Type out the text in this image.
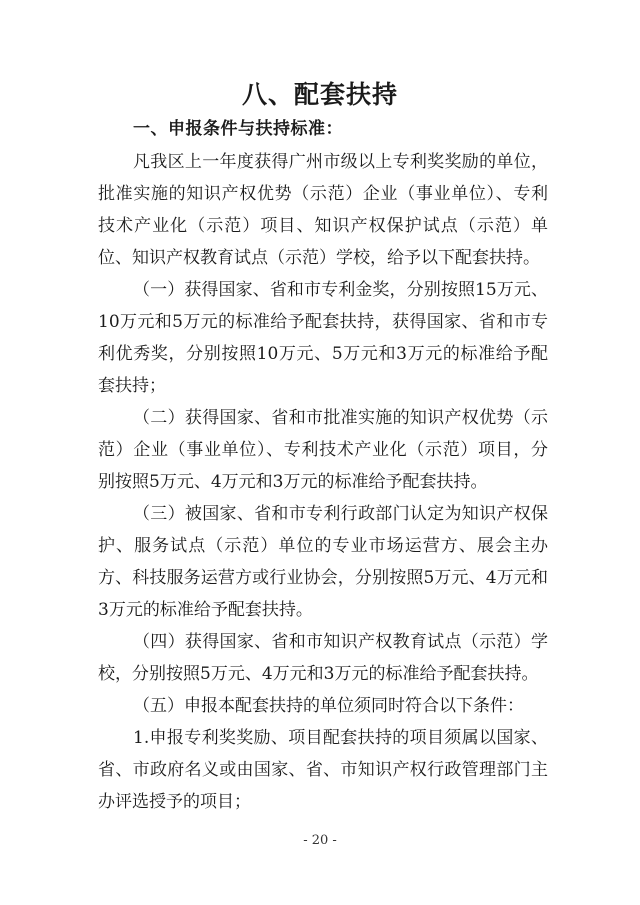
八、配套扶持
一、申报条件与扶持标准：

凡我区上一年度获得广州市级以上专利奖奖励的单位，批准实施的知识产权优势（示范）企业（事业单位）、专利技术产业化（示范）项目、知识产权保护试点（示范）单位、知识产权教育试点（示范）学校，给予以下配套扶持。

（一）获得国家、省和市专利金奖，分别按照15万元、10万元和5万元的标准给予配套扶持，获得国家、省和市专利优秀奖，分别按照10万元、5万元和3万元的标准给予配套扶持；

（二）获得国家、省和市批准实施的知识产权优势（示范）企业（事业单位）、专利技术产业化（示范）项目，分别按照5万元、4万元和3万元的标准给予配套扶持。

（三）被国家、省和市专利行政部门认定为知识产权保护、服务试点（示范）单位的专业市场运营方、展会主办方、科技服务运营方或行业协会，分别按照5万元、4万元和3万元的标准给予配套扶持。

（四）获得国家、省和市知识产权教育试点（示范）学校，分别按照5万元、4万元和3万元的标准给予配套扶持。

（五）申报本配套扶持的单位须同时符合以下条件：

1.申报专利奖奖励、项目配套扶持的项目须属以国家、省、市政府名义或由国家、省、市知识产权行政管理部门主办评选授予的项目；

- 20 -
